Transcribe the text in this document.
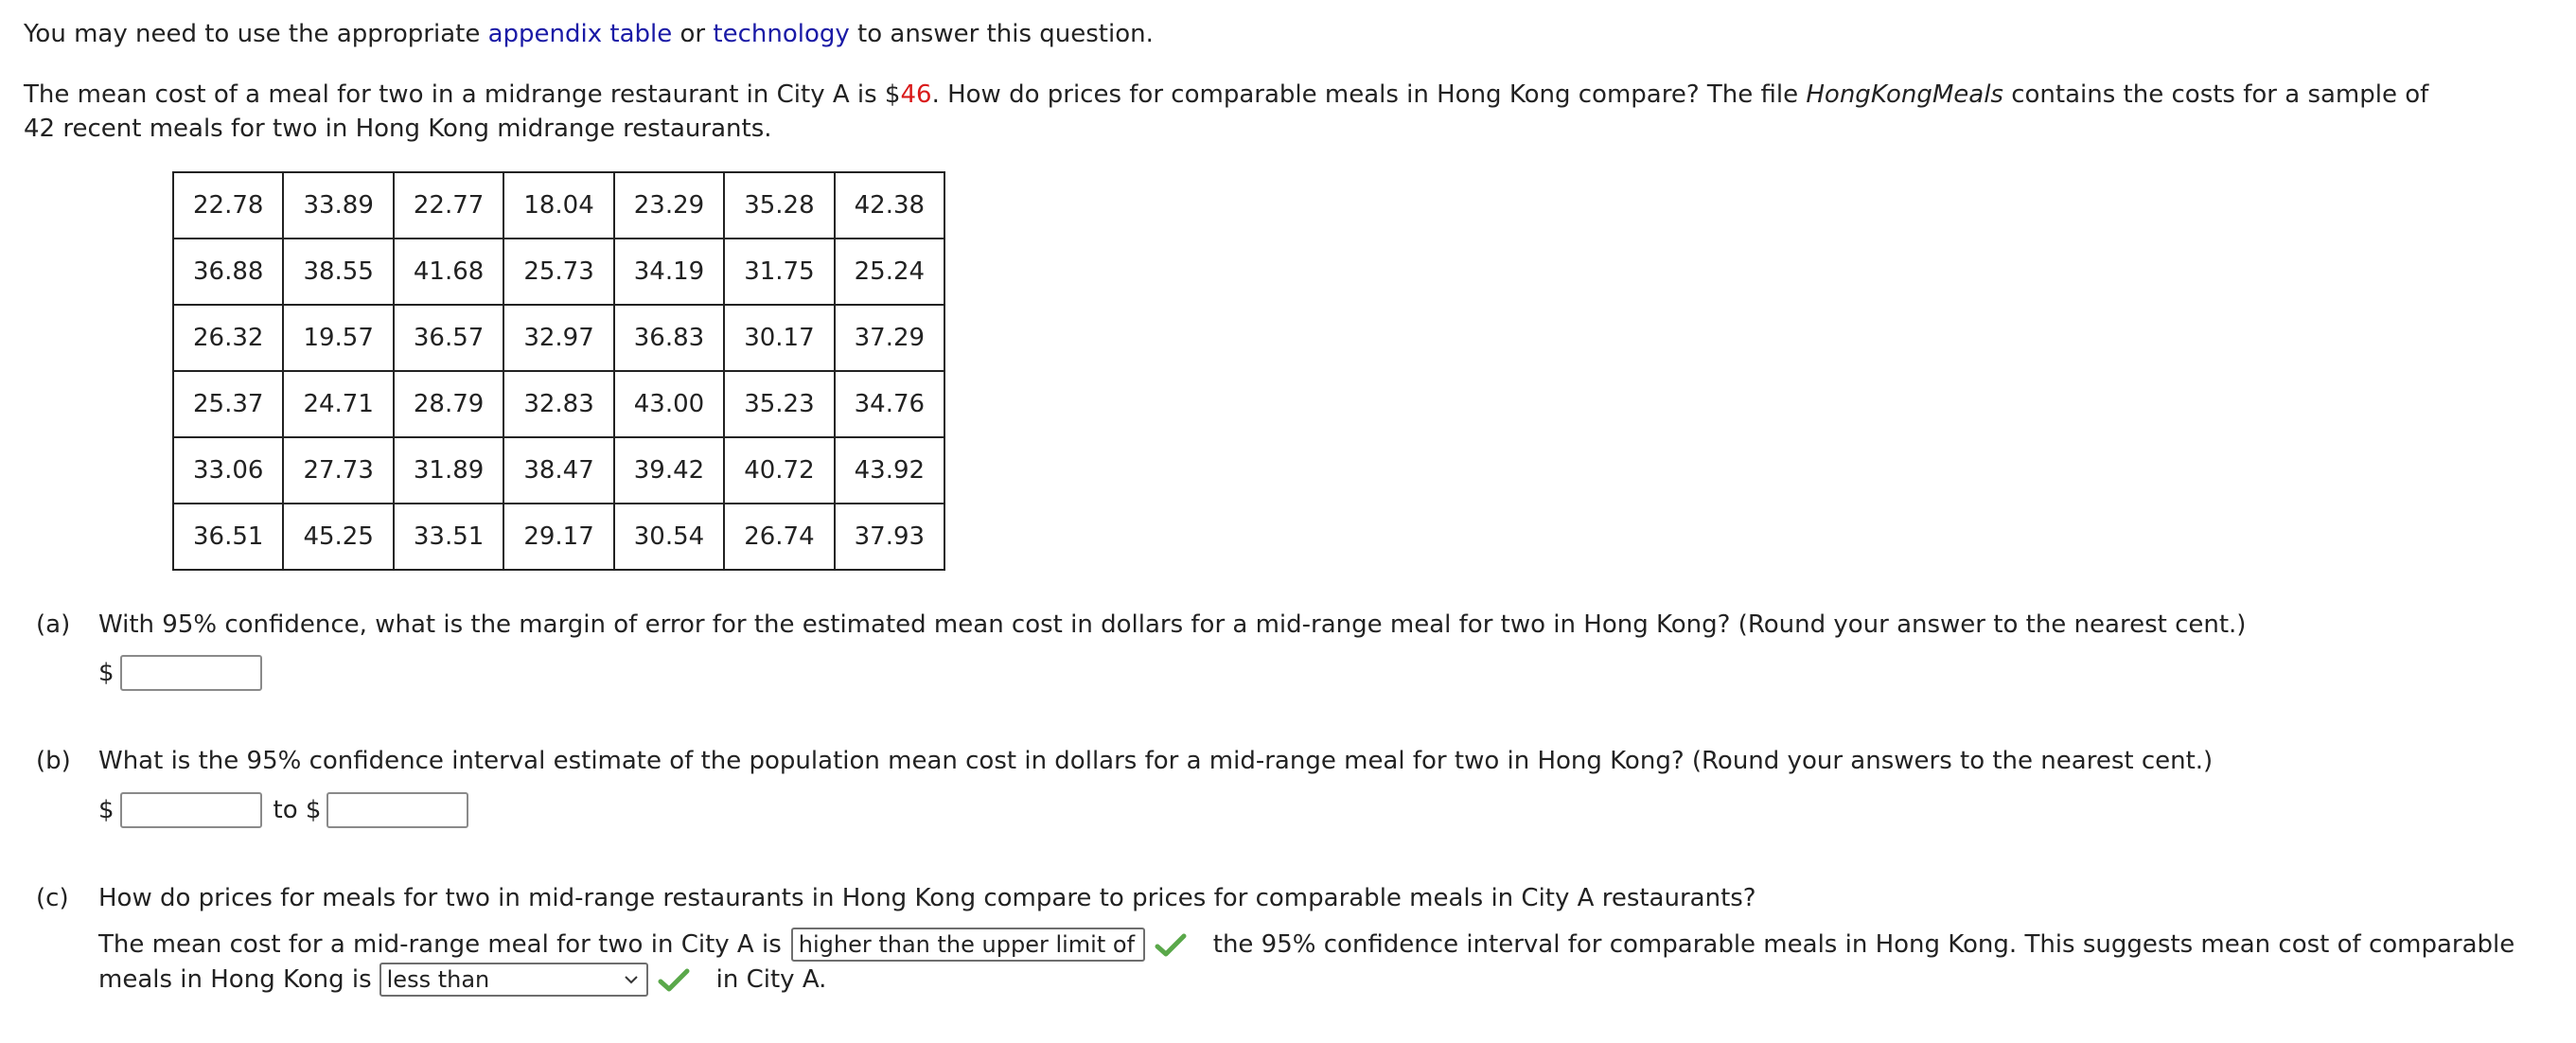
You may need to use the appropriate appendix table or technology to answer this question.
The mean cost of a meal for two in a midrange restaurant in City A is $46. How do prices for comparable meals in Hong Kong compare? The file HongKongMeals contains the costs for a sample of
42 recent meals for two in Hong Kong midrange restaurants.
22.78	33.89	22.77	18.04	23.29	35.28	42.38
36.88	38.55	41.68	25.73	34.19	31.75	25.24
26.32	19.57	36.57	32.97	36.83	30.17	37.29
25.37	24.71	28.79	32.83	43.00	35.23	34.76
33.06	27.73	31.89	38.47	39.42	40.72	43.92
36.51	45.25	33.51	29.17	30.54	26.74	37.93
(a) With 95% confidence, what is the margin of error for the estimated mean cost in dollars for a mid-range meal for two in Hong Kong? (Round your answer to the nearest cent.)
$
(b) What is the 95% confidence interval estimate of the population mean cost in dollars for a mid-range meal for two in Hong Kong? (Round your answers to the nearest cent.)
$	to $
(c) How do prices for meals for two in mid-range restaurants in Hong Kong compare to prices for comparable meals in City A restaurants?
The mean cost for a mid-range meal for two in City A is higher than the upper limit of	the 95% confidence interval for comparable meals in Hong Kong. This suggests mean cost of comparable
meals in Hong Kong is less than	in City A.
